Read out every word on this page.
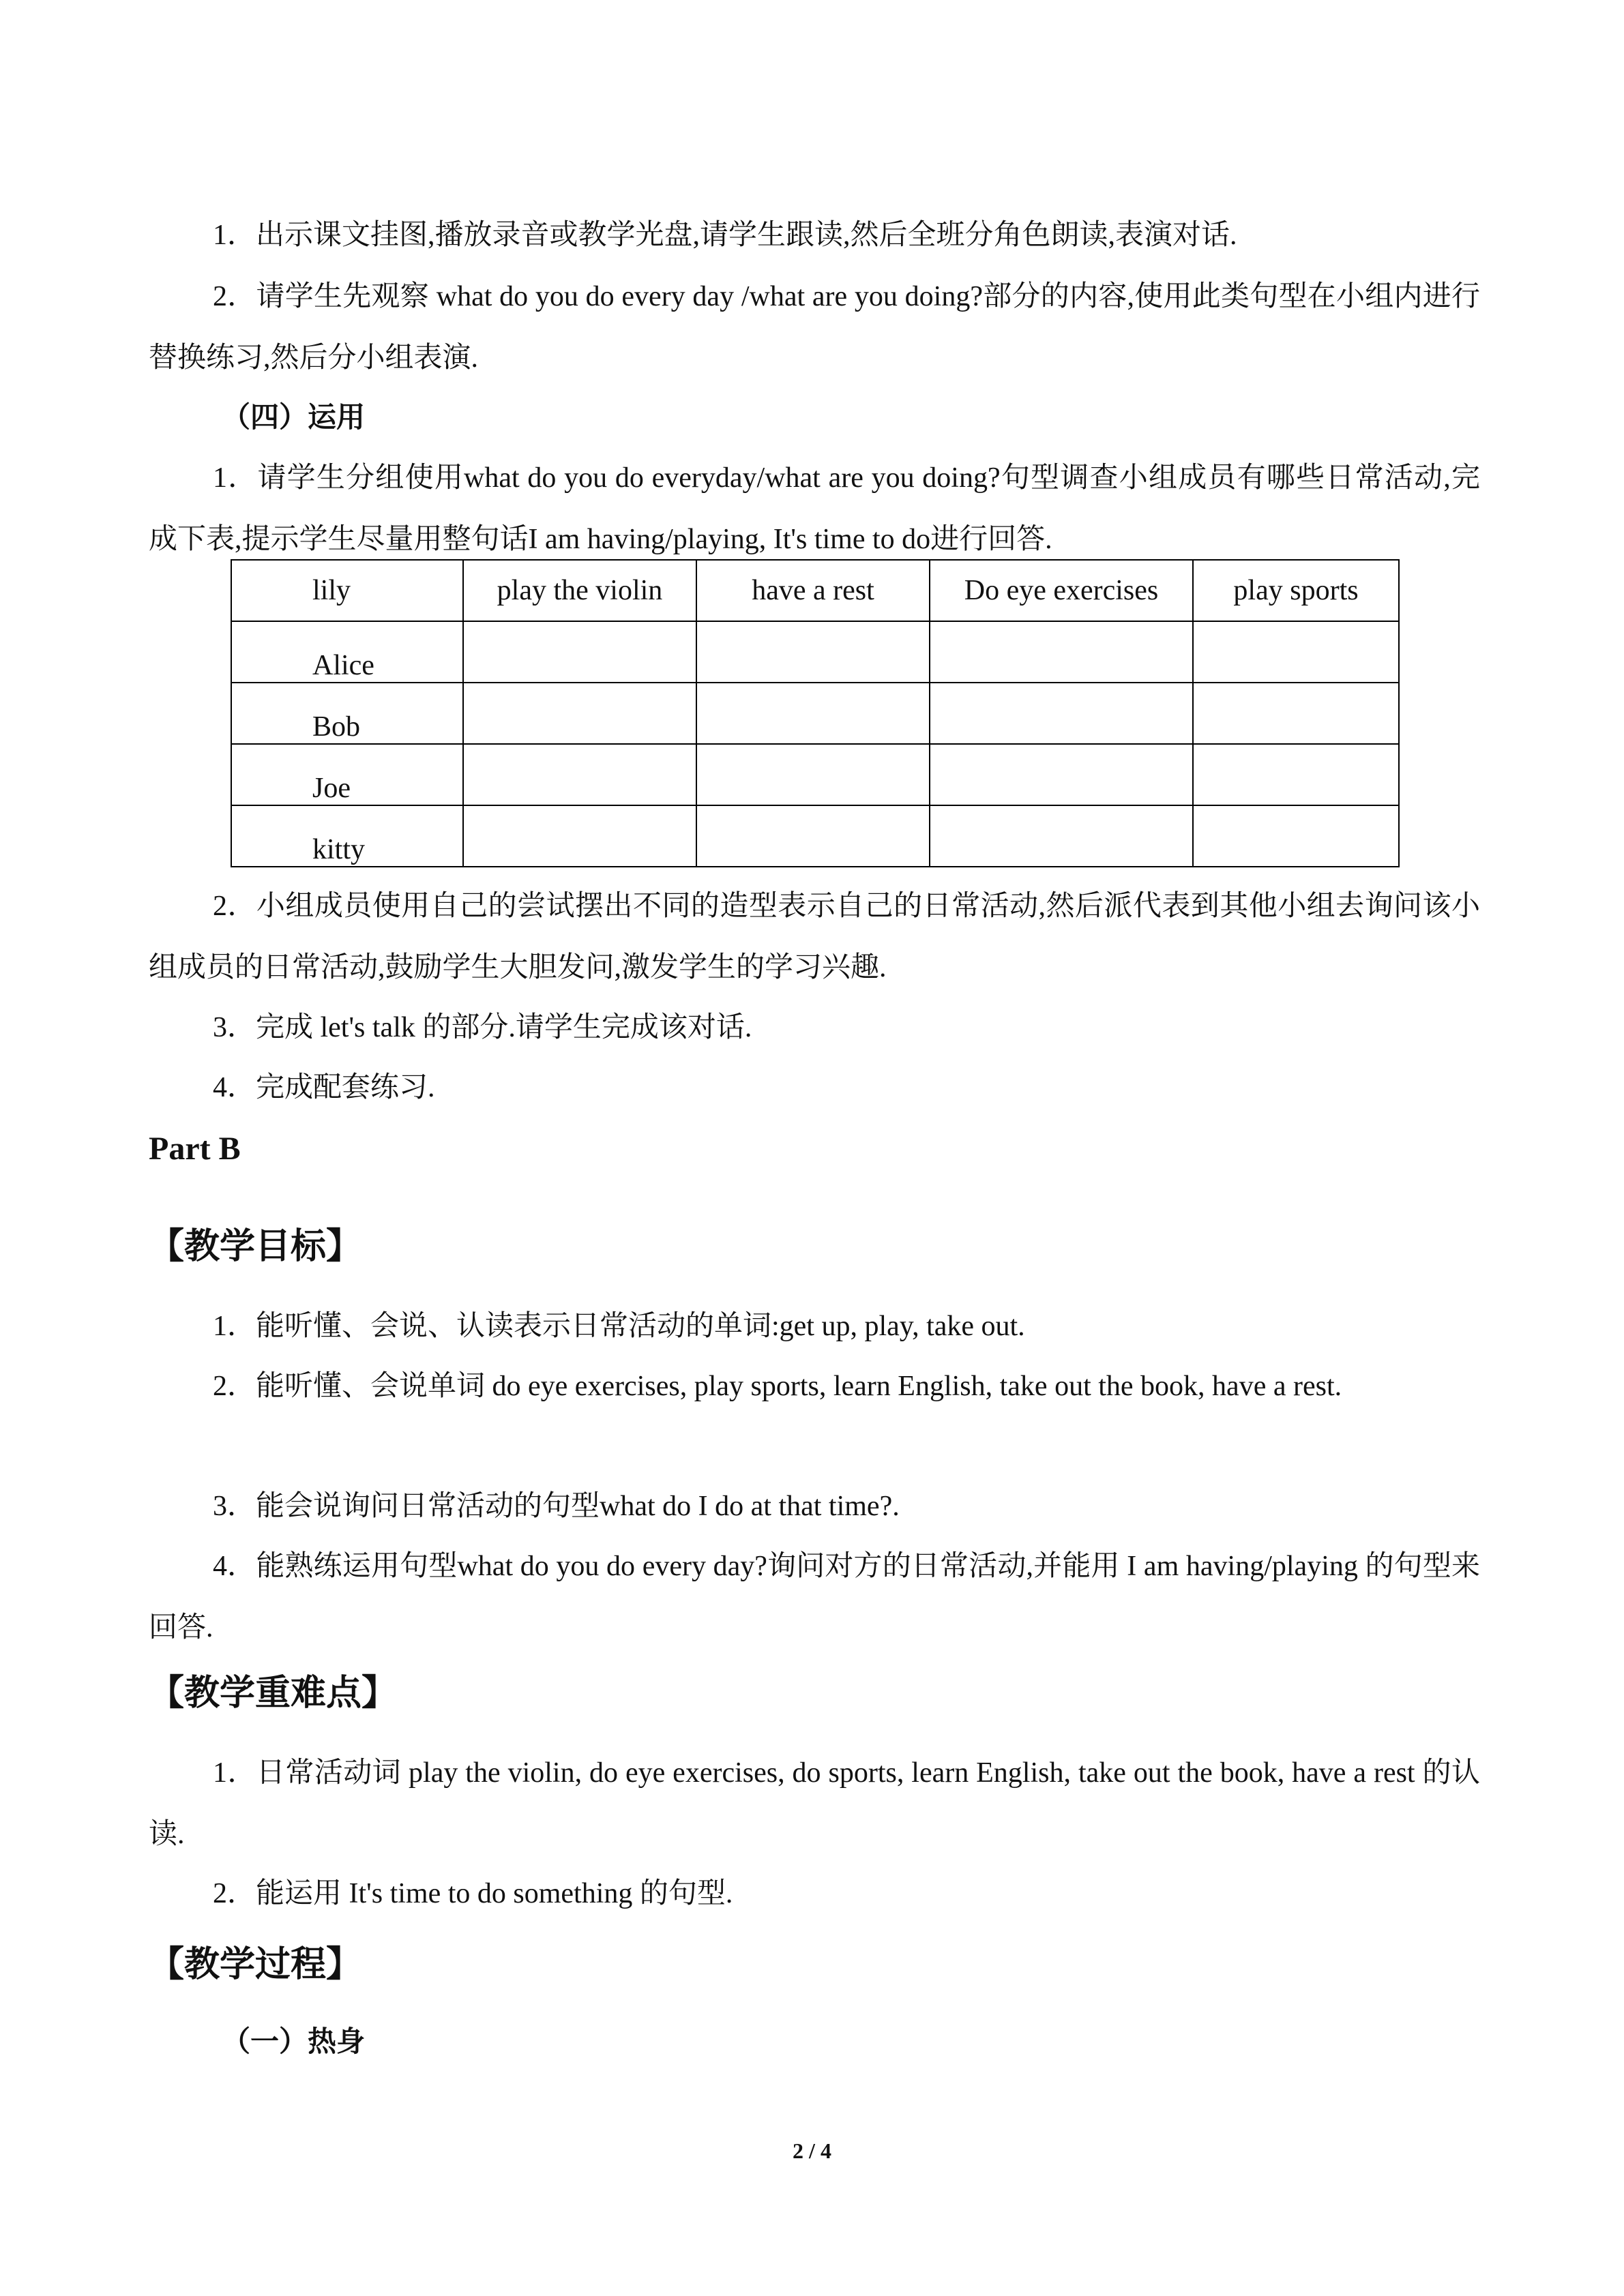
1．出示课文挂图,播放录音或教学光盘,请学生跟读,然后全班分角色朗读,表演对话.

2．请学生先观察 what do you do every day /what are you doing?部分的内容,使用此类句型在小组内进行替换练习,然后分小组表演.

（四）运用

1．请学生分组使用what do you do everyday/what are you doing?句型调查小组成员有哪些日常活动,完成下表,提示学生尽量用整句话I am having/playing, It's time to do进行回答.

lily	play the violin	have a rest	Do eye exercises	play sports
Alice				
Bob				
Joe				
kitty				

2．小组成员使用自己的尝试摆出不同的造型表示自己的日常活动,然后派代表到其他小组去询问该小组成员的日常活动,鼓励学生大胆发问,激发学生的学习兴趣.

3．完成 let's talk 的部分.请学生完成该对话.

4．完成配套练习.

Part B

【教学目标】

1．能听懂、会说、认读表示日常活动的单词:get up, play, take out.

2．能听懂、会说单词 do eye exercises, play sports, learn English, take out the book, have a rest.

3．能会说询问日常活动的句型what do I do at that time?.

4．能熟练运用句型what do you do every day?询问对方的日常活动,并能用 I am having/playing 的句型来回答.

【教学重难点】

1．日常活动词 play the violin, do eye exercises, do sports, learn English, take out the book, have a rest 的认读.

2．能运用 It's time to do something 的句型.

【教学过程】

（一）热身

2 / 4
